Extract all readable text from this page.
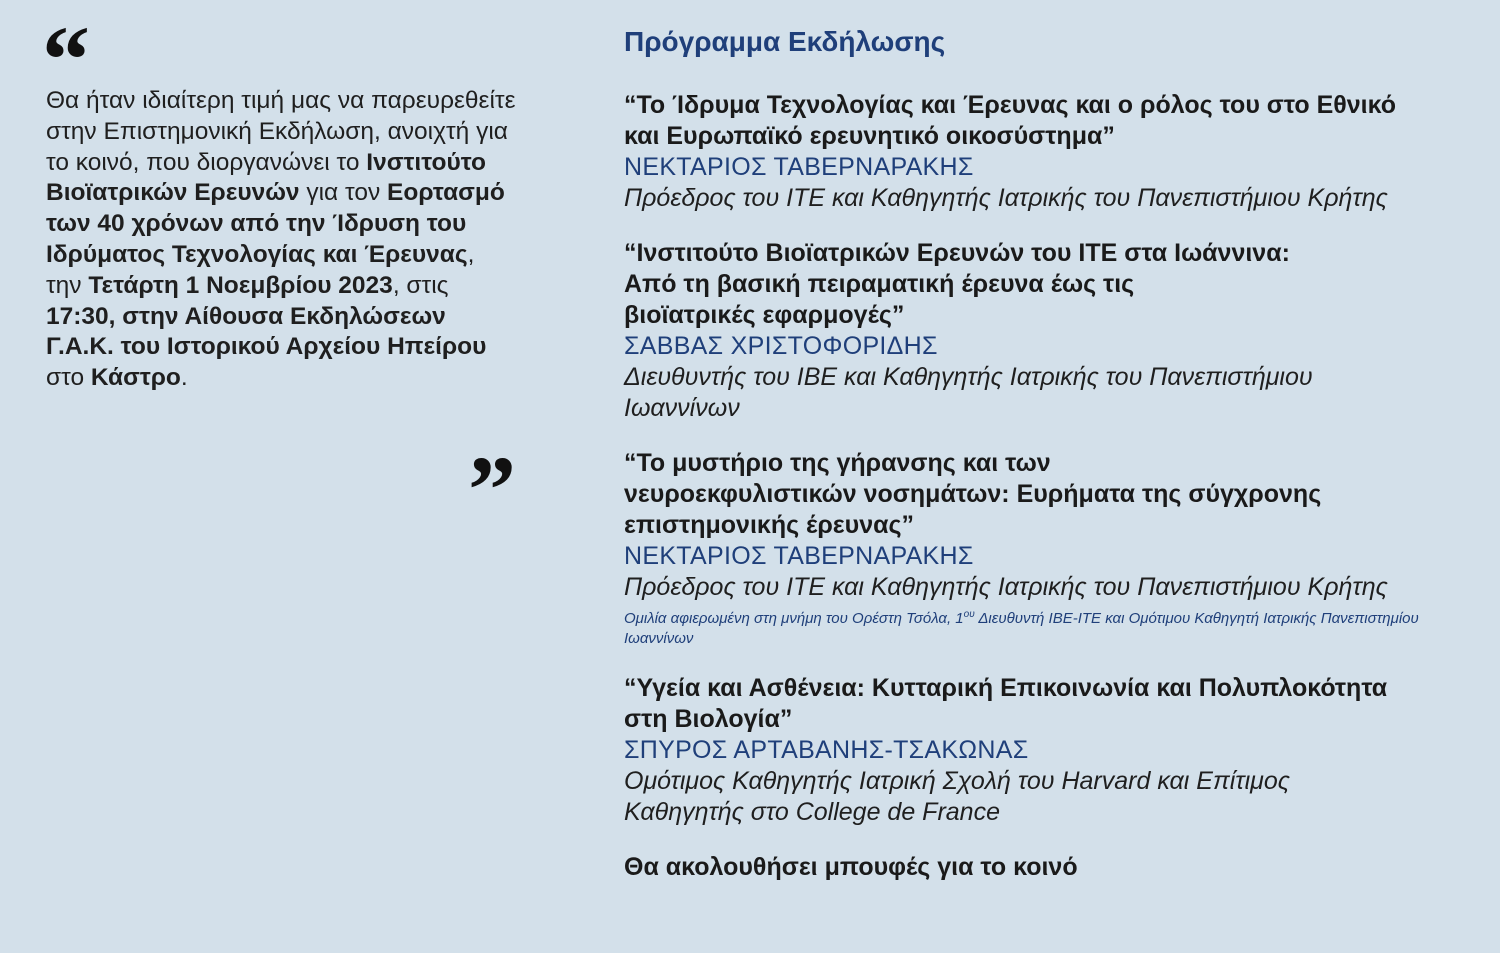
“
Θα ήταν ιδιαίτερη τιμή μας να παρευρεθείτε στην Επιστημονική Εκδήλωση, ανοιχτή για το κοινό, που διοργανώνει το Ινστιτούτο Βιοϊατρικών Ερευνών για τον Εορτασμό των 40 χρόνων από την Ίδρυση του Ιδρύματος Τεχνολογίας και Έρευνας, την Τετάρτη 1 Νοεμβρίου 2023, στις 17:30, στην Αίθουσα Εκδηλώσεων Γ.Α.Κ. του Ιστορικού Αρχείου Ηπείρου στο Κάστρο.
”
Πρόγραμμα Εκδήλωσης
“Το Ίδρυμα Τεχνολογίας και Έρευνας και ο ρόλος του στο Εθνικό
και Ευρωπαϊκό ερευνητικό οικοσύστημα”
ΝΕΚΤΑΡΙΟΣ ΤΑΒΕΡΝΑΡΑΚΗΣ
Πρόεδρος του ΙΤΕ και Καθηγητής Ιατρικής του Πανεπιστήμιου Κρήτης
“Ινστιτούτο Βιοϊατρικών Ερευνών του ΙΤΕ στα Ιωάννινα:
Από τη βασική πειραματική έρευνα έως τις
βιοϊατρικές εφαρμογές”
ΣΑΒΒΑΣ ΧΡΙΣΤΟΦΟΡΙΔΗΣ
Διευθυντής του ΙΒΕ και Καθηγητής Ιατρικής του Πανεπιστήμιου
Ιωαννίνων
“Το μυστήριο της γήρανσης και των
νευροεκφυλιστικών νοσημάτων: Ευρήματα της σύγχρονης
επιστημονικής έρευνας”
ΝΕΚΤΑΡΙΟΣ ΤΑΒΕΡΝΑΡΑΚΗΣ
Πρόεδρος του ΙΤΕ και Καθηγητής Ιατρικής του Πανεπιστήμιου Κρήτης
Ομιλία αφιερωμένη στη μνήμη του Ορέστη Τσόλα, $1^{o\upsilon}$ Διευθυντή ΙΒΕ-ΙΤΕ και Ομότιμου Καθηγητή Ιατρικής Πανεπιστημίου Ιωαννίνων
“Υγεία και Ασθένεια: Κυτταρική Επικοινωνία και Πολυπλοκότητα
στη Βιολογία”
ΣΠΥΡΟΣ ΑΡΤΑΒΑΝΗΣ-ΤΣΑΚΩΝΑΣ
Ομότιμος Καθηγητής Ιατρική Σχολή του Harvard και Επίτιμος
Καθηγητής στο College de France
Θα ακολουθήσει μπουφές για το κοινό
